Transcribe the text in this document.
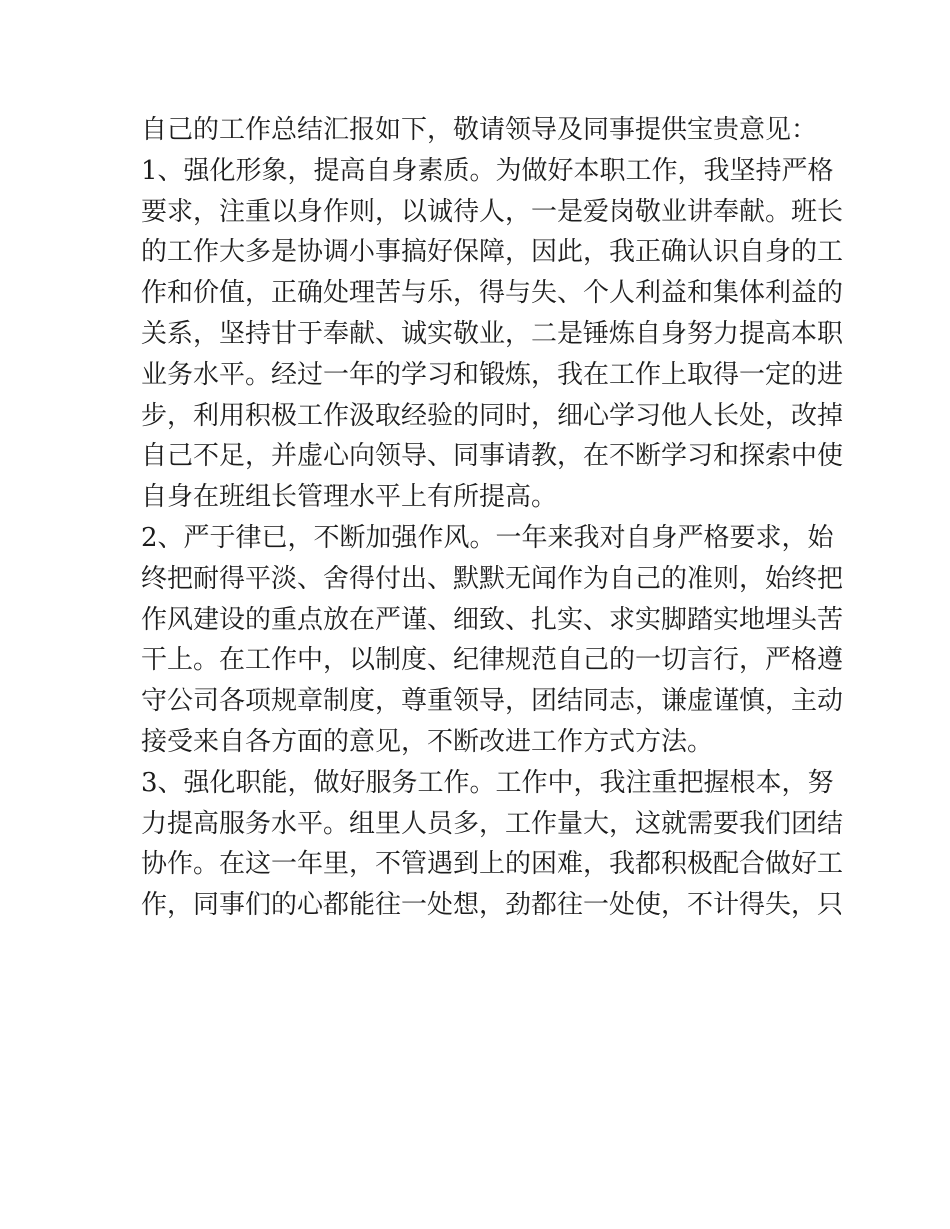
自己的工作总结汇报如下，敬请领导及同事提供宝贵意见：
1、强化形象，提高自身素质。为做好本职工作，我坚持严格
要求，注重以身作则，以诚待人，一是爱岗敬业讲奉献。班长
的工作大多是协调小事搞好保障，因此，我正确认识自身的工
作和价值，正确处理苦与乐，得与失、个人利益和集体利益的
关系，坚持甘于奉献、诚实敬业，二是锤炼自身努力提高本职
业务水平。经过一年的学习和锻炼，我在工作上取得一定的进
步，利用积极工作汲取经验的同时，细心学习他人长处，改掉
自己不足，并虚心向领导、同事请教，在不断学习和探索中使
自身在班组长管理水平上有所提高。
2、严于律已，不断加强作风。一年来我对自身严格要求，始
终把耐得平淡、舍得付出、默默无闻作为自己的准则，始终把
作风建设的重点放在严谨、细致、扎实、求实脚踏实地埋头苦
干上。在工作中，以制度、纪律规范自己的一切言行，严格遵
守公司各项规章制度，尊重领导，团结同志，谦虚谨慎，主动
接受来自各方面的意见，不断改进工作方式方法。
3、强化职能，做好服务工作。工作中，我注重把握根本，努
力提高服务水平。组里人员多，工作量大，这就需要我们团结
协作。在这一年里，不管遇到上的困难，我都积极配合做好工
作，同事们的心都能往一处想，劲都往一处使，不计得失，只
